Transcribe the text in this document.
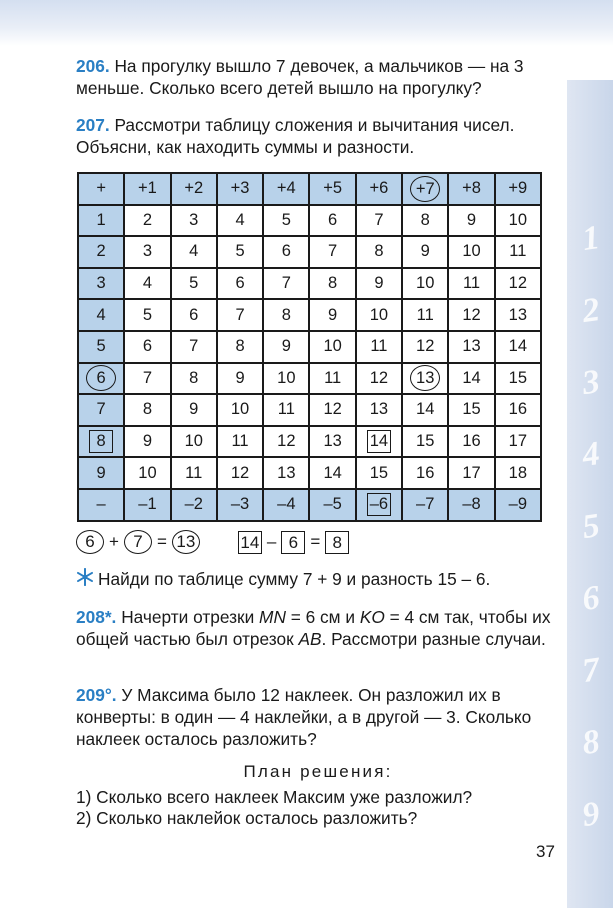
1
2
3
4
5
6
7
8
9
206. На прогулку вышло 7 девочек, а мальчиков — на 3 меньше. Сколько всего детей вышло на прогулку?
207. Рассмотри таблицу сложения и вычитания чисел. Объясни, как находить суммы и разности.
+	+1	+2	+3	+4	+5	+6	+7	+8	+9
1	2	3	4	5	6	7	8	9	10
2	3	4	5	6	7	8	9	10	11
3	4	5	6	7	8	9	10	11	12
4	5	6	7	8	9	10	11	12	13
5	6	7	8	9	10	11	12	13	14
6	7	8	9	10	11	12	13	14	15
7	8	9	10	11	12	13	14	15	16
8	9	10	11	12	13	14	15	16	17
9	10	11	12	13	14	15	16	17	18
–	–1	–2	–3	–4	–5	–6	–7	–8	–9
6 + 7 = 13	14 – 6 = 8
Найди по таблице сумму 7 + 9 и разность 15 – 6.
208*. Начерти отрезки MN = 6 см и KO = 4 см так, чтобы их общей частью был отрезок AB. Рассмотри разные случаи.
209°. У Максима было 12 наклеек. Он разложил их в конверты: в один — 4 наклейки, а в другой — 3. Сколько наклеек осталось разложить?
План решения:
1) Сколько всего наклеек Максим уже разложил?
2) Сколько наклейок осталось разложить?
37
